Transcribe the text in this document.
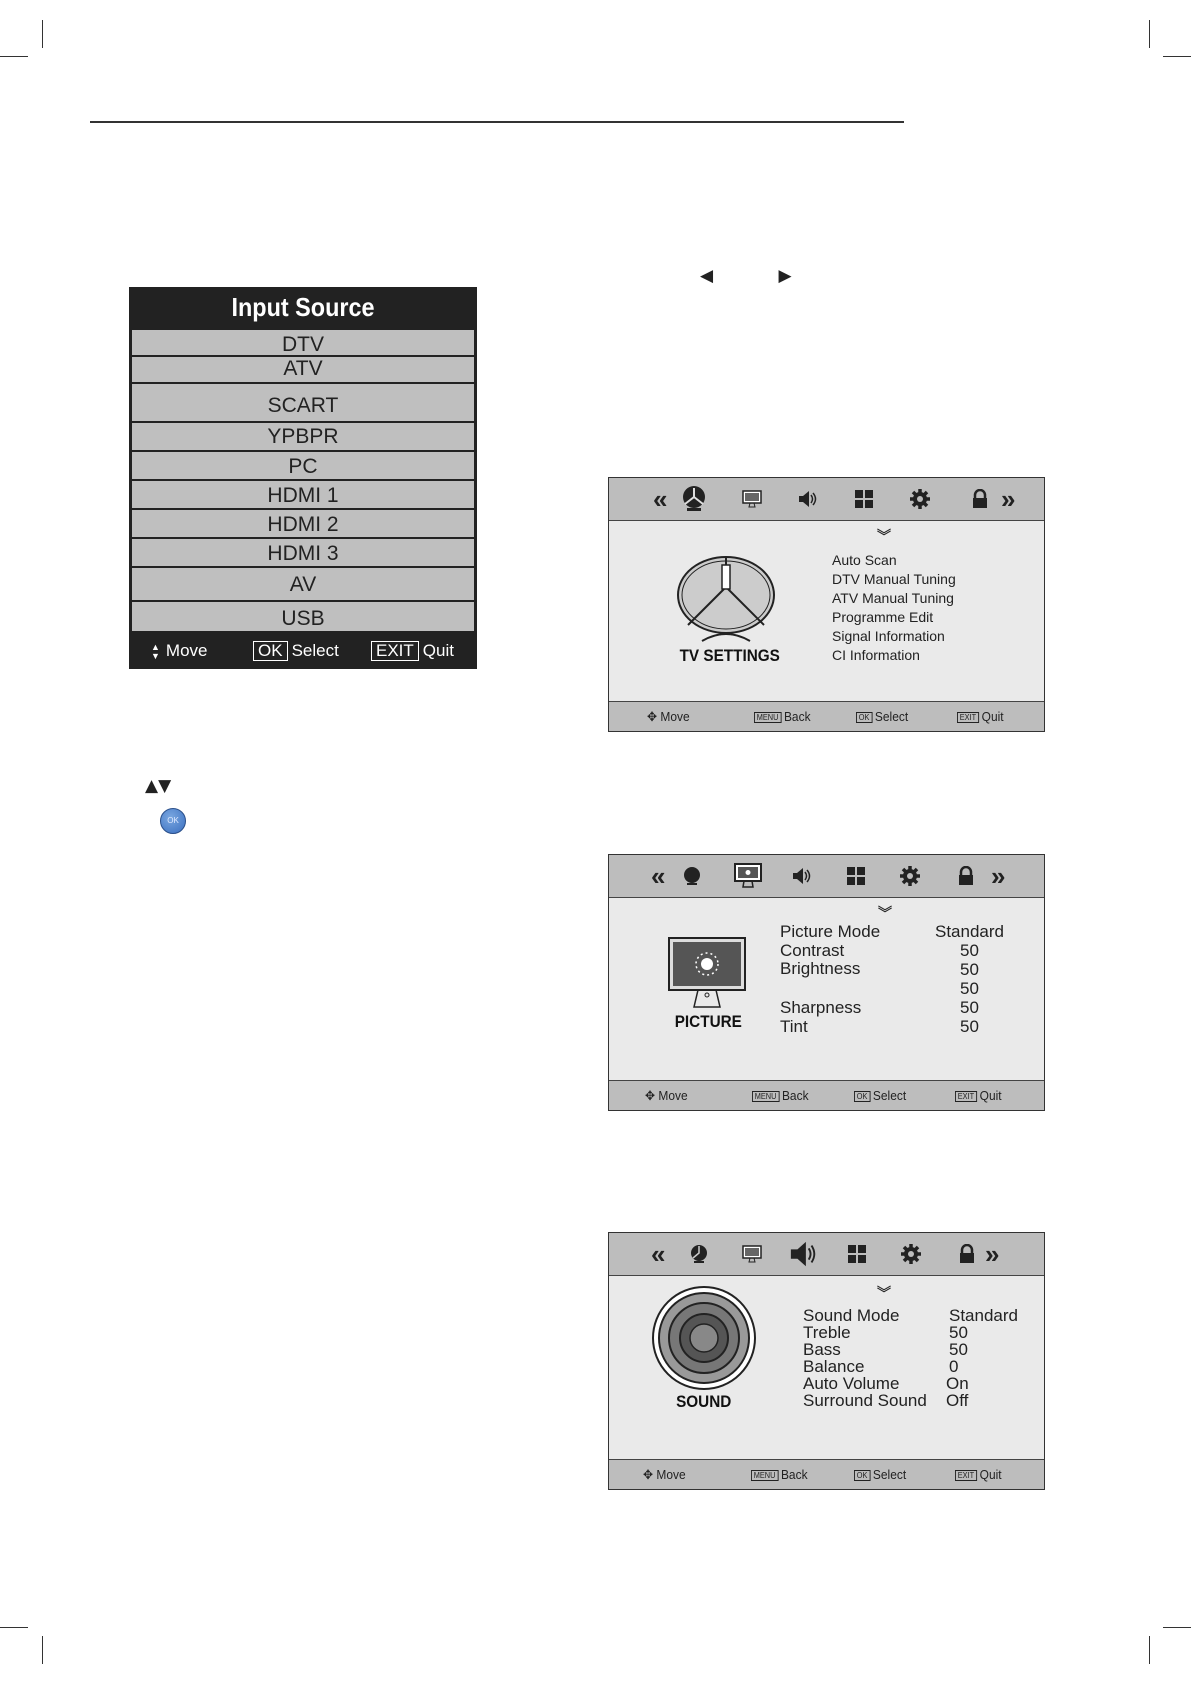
◀ ▶
Input Source
DTV
ATV
SCART
YPBPR
PC
HDMI 1
HDMI 2
HDMI 3
AV
USB
▲
▼ Move	OK Select EXIT Quit
▲▼
OK
«	»
︾
TV SETTINGS
Auto Scan
DTV Manual Tuning
ATV Manual Tuning
Programme Edit
Signal Information
CI Information
✥ Move	MENU Back	OK Select	EXIT Quit
«	»
︾
PICTURE
Picture Mode	Standard
Contrast	50
Brightness	50
50
Sharpness	50
Tint	50
✥ Move	MENU Back	OK Select	EXIT Quit
«	»
︾
SOUND
Sound Mode	Standard
Treble	50
Bass	50
Balance	0
Auto Volume	On
Surround Sound Off
✥ Move	MENU Back	OK Select	EXIT Quit
